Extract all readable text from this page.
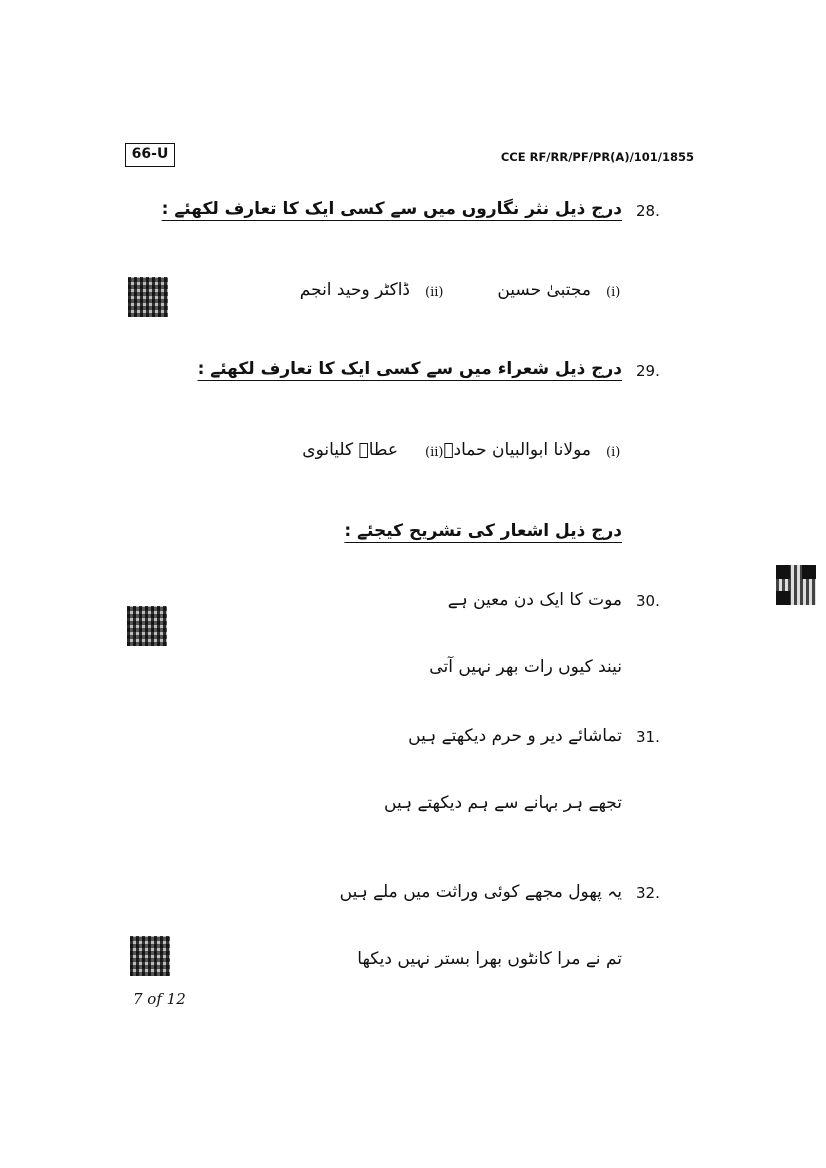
66-U	CCE RF/RR/PF/PR(A)/101/1855
28.
درج ذیل نثر نگاروں میں سے کسی ایک کا تعارف لکھئے :
(i)
مجتبیٰ حسین
(ii)
ڈاکٹر وحید انجم
29.
درج ذیل شعراء میں سے کسی ایک کا تعارف لکھئے :
(i)
مولانا ابوالبیان حمادؔ
(ii)
عطاؔ کلیانوی
درج ذیل اشعار کی تشریح کیجئے :
30.
موت کا ایک دن معین ہے
نیند کیوں رات بھر نہیں آتی
31.
تماشائے دیر و حرم دیکھتے ہیں
تجھے ہر بہانے سے ہم دیکھتے ہیں
32.
یہ پھول مجھے کوئی وراثت میں ملے ہیں
تم نے مرا کانٹوں بھرا بستر نہیں دیکھا
7 of 12
